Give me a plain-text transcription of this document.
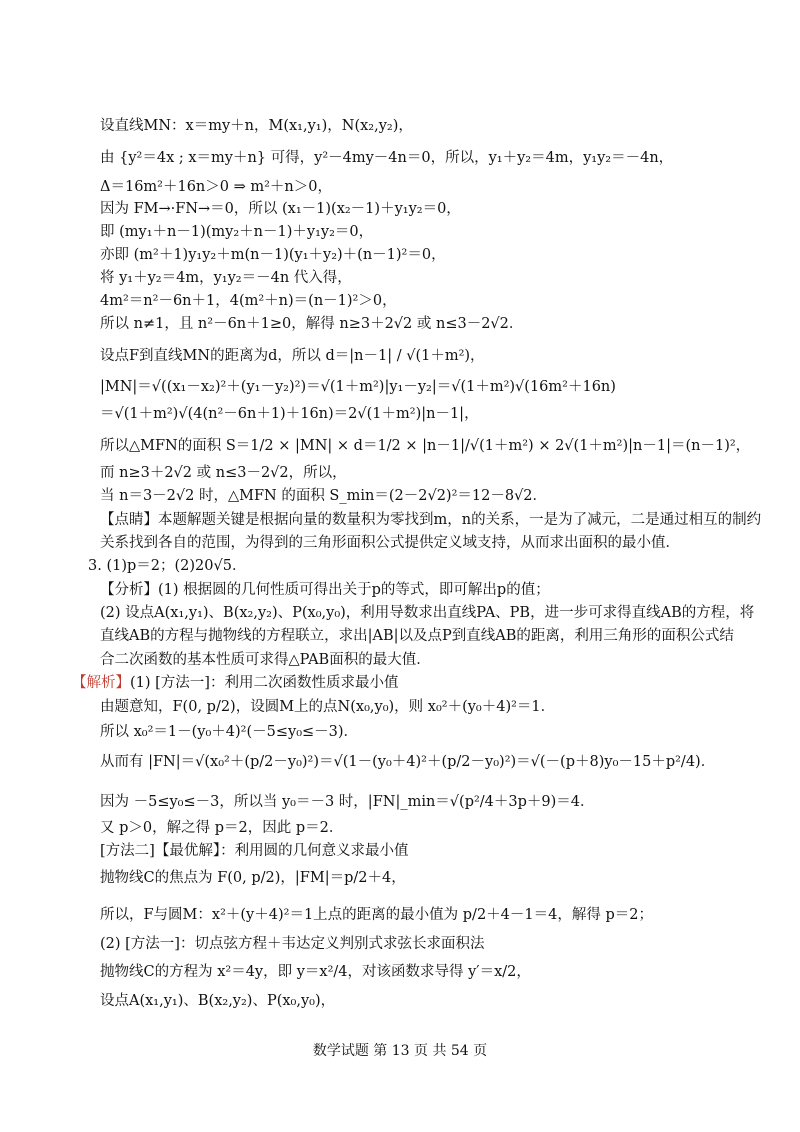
设直线MN：x＝my＋n，M(x₁,y₁)，N(x₂,y₂)，
由 {y²＝4x ; x＝my＋n} 可得，y²－4my－4n＝0，所以，y₁＋y₂＝4m，y₁y₂＝－4n，
Δ＝16m²＋16n＞0 ⇒ m²＋n＞0，
因为 FM→·FN→＝0，所以 (x₁－1)(x₂－1)＋y₁y₂＝0，
即 (my₁＋n－1)(my₂＋n－1)＋y₁y₂＝0，
亦即 (m²＋1)y₁y₂＋m(n－1)(y₁＋y₂)＋(n－1)²＝0，
将 y₁＋y₂＝4m，y₁y₂＝－4n 代入得，
4m²＝n²－6n＋1，4(m²＋n)＝(n－1)²＞0，
所以 n≠1，且 n²－6n＋1≥0，解得 n≥3＋2√2 或 n≤3－2√2．
设点F到直线MN的距离为d，所以 d＝|n－1| / √(1＋m²)，
|MN|＝√((x₁－x₂)²＋(y₁－y₂)²)＝√(1＋m²)|y₁－y₂|＝√(1＋m²)√(16m²＋16n)
＝√(1＋m²)√(4(n²－6n＋1)＋16n)＝2√(1＋m²)|n－1|，
所以△MFN的面积 S＝1/2 × |MN| × d＝1/2 × |n－1|/√(1＋m²) × 2√(1＋m²)|n－1|＝(n－1)²，
而 n≥3＋2√2 或 n≤3－2√2，所以，
当 n＝3－2√2 时，△MFN 的面积 S_min＝(2－2√2)²＝12－8√2．
【点睛】本题解题关键是根据向量的数量积为零找到m，n的关系，一是为了减元，二是通过相互的制约
关系找到各自的范围，为得到的三角形面积公式提供定义域支持，从而求出面积的最小值．
3. (1)p＝2；(2)20√5．
【分析】(1) 根据圆的几何性质可得出关于p的等式，即可解出p的值；
(2) 设点A(x₁,y₁)、B(x₂,y₂)、P(x₀,y₀)，利用导数求出直线PA、PB，进一步可求得直线AB的方程，将
直线AB的方程与抛物线的方程联立，求出|AB|以及点P到直线AB的距离，利用三角形的面积公式结
合二次函数的基本性质可求得△PAB面积的最大值．
【解析】(1) [方法一]：利用二次函数性质求最小值
由题意知，F(0, p/2)，设圆M上的点N(x₀,y₀)，则 x₀²＋(y₀＋4)²＝1．
所以 x₀²＝1－(y₀＋4)²(－5≤y₀≤－3)．
从而有 |FN|＝√(x₀²＋(p/2－y₀)²)＝√(1－(y₀＋4)²＋(p/2－y₀)²)＝√(－(p＋8)y₀－15＋p²/4)．
因为 －5≤y₀≤－3，所以当 y₀＝－3 时，|FN|_min＝√(p²/4＋3p＋9)＝4．
又 p＞0，解之得 p＝2，因此 p＝2．
[方法二]【最优解】：利用圆的几何意义求最小值
抛物线C的焦点为 F(0, p/2)，|FM|＝p/2＋4，
所以，F与圆M：x²＋(y＋4)²＝1上点的距离的最小值为 p/2＋4－1＝4，解得 p＝2；
(2) [方法一]：切点弦方程＋韦达定义判别式求弦长求面积法
抛物线C的方程为 x²＝4y，即 y＝x²/4，对该函数求导得 y′＝x/2，
设点A(x₁,y₁)、B(x₂,y₂)、P(x₀,y₀)，
数学试题 第 13 页 共 54 页
